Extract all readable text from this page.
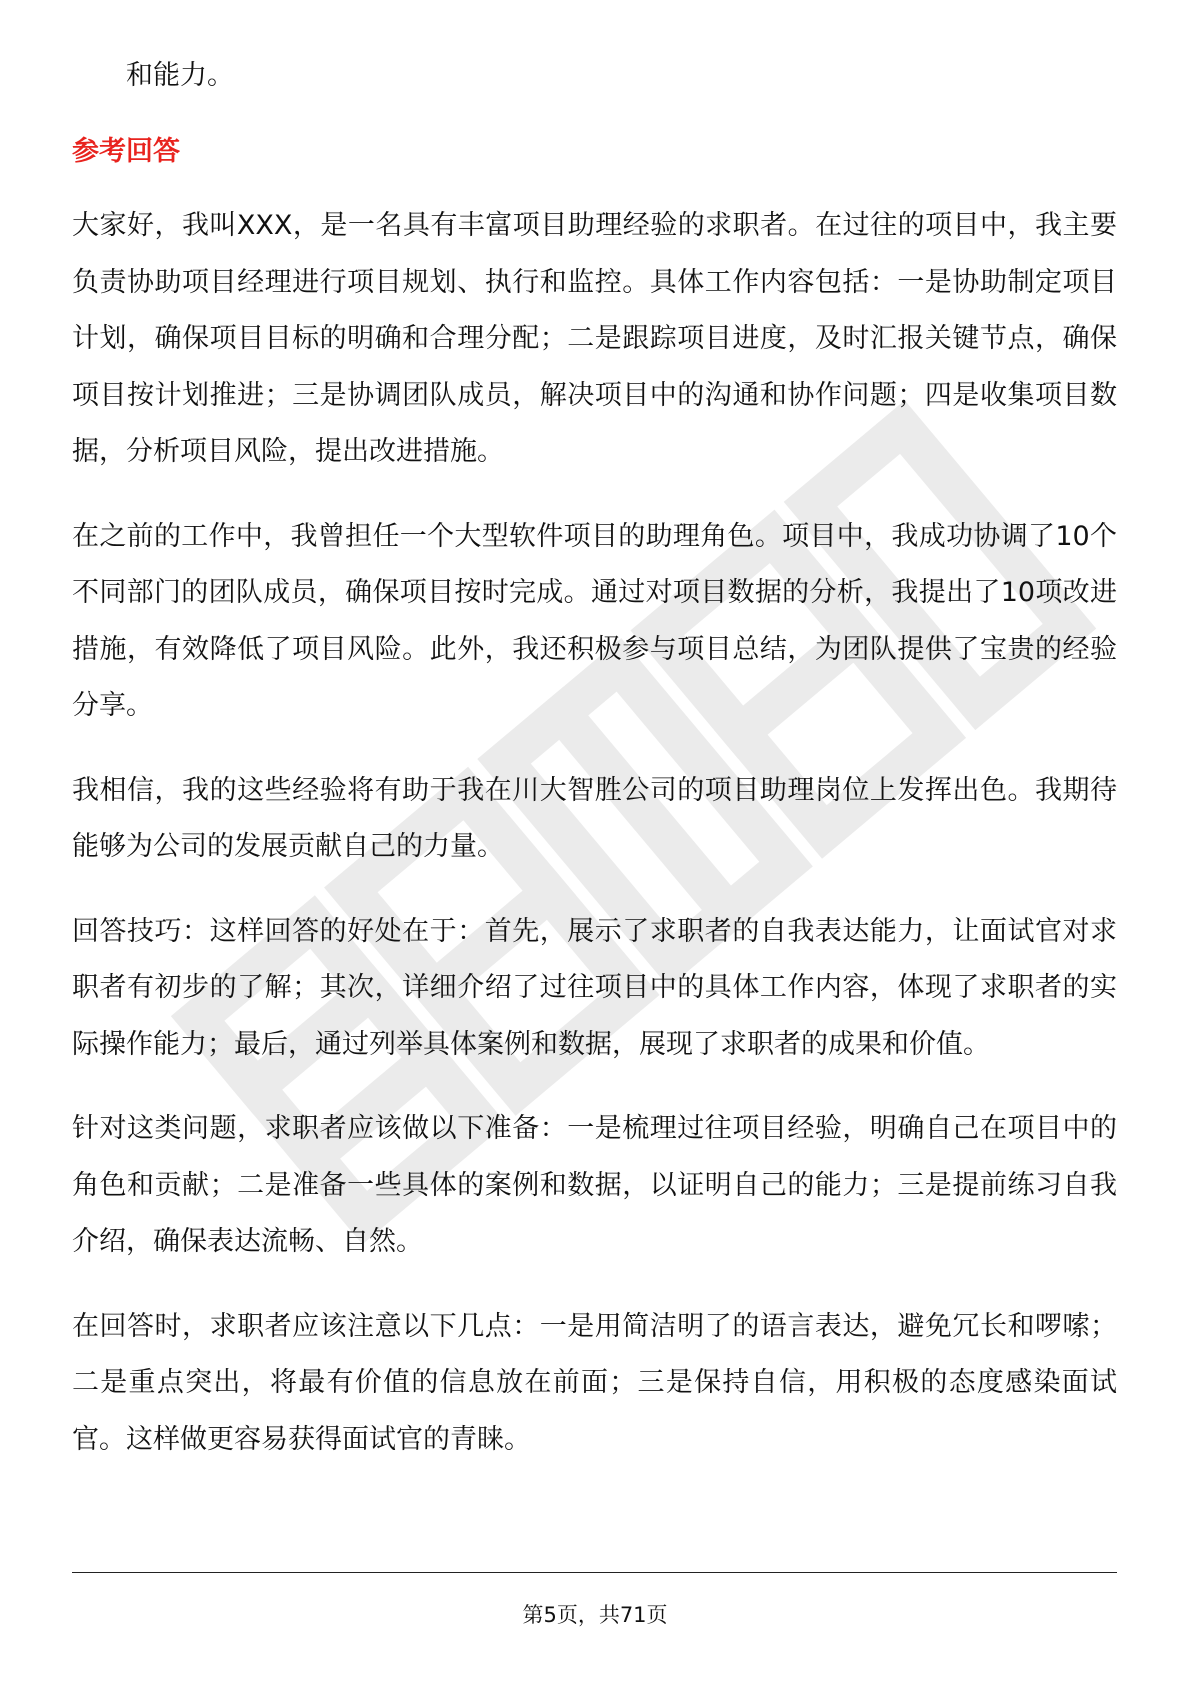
和能力。

参考回答

大家好，我叫XXX，是一名具有丰富项目助理经验的求职者。在过往的项目中，我主要负责协助项目经理进行项目规划、执行和监控。具体工作内容包括：一是协助制定项目计划，确保项目目标的明确和合理分配；二是跟踪项目进度，及时汇报关键节点，确保项目按计划推进；三是协调团队成员，解决项目中的沟通和协作问题；四是收集项目数据，分析项目风险，提出改进措施。

在之前的工作中，我曾担任一个大型软件项目的助理角色。项目中，我成功协调了10个不同部门的团队成员，确保项目按时完成。通过对项目数据的分析，我提出了10项改进措施，有效降低了项目风险。此外，我还积极参与项目总结，为团队提供了宝贵的经验分享。

我相信，我的这些经验将有助于我在川大智胜公司的项目助理岗位上发挥出色。我期待能够为公司的发展贡献自己的力量。

回答技巧：这样回答的好处在于：首先，展示了求职者的自我表达能力，让面试官对求职者有初步的了解；其次，详细介绍了过往项目中的具体工作内容，体现了求职者的实际操作能力；最后，通过列举具体案例和数据，展现了求职者的成果和价值。

针对这类问题，求职者应该做以下准备：一是梳理过往项目经验，明确自己在项目中的角色和贡献；二是准备一些具体的案例和数据，以证明自己的能力；三是提前练习自我介绍，确保表达流畅、自然。

在回答时，求职者应该注意以下几点：一是用简洁明了的语言表达，避免冗长和啰嗦；二是重点突出，将最有价值的信息放在前面；三是保持自信，用积极的态度感染面试官。这样做更容易获得面试官的青睐。

第5页，共71页
